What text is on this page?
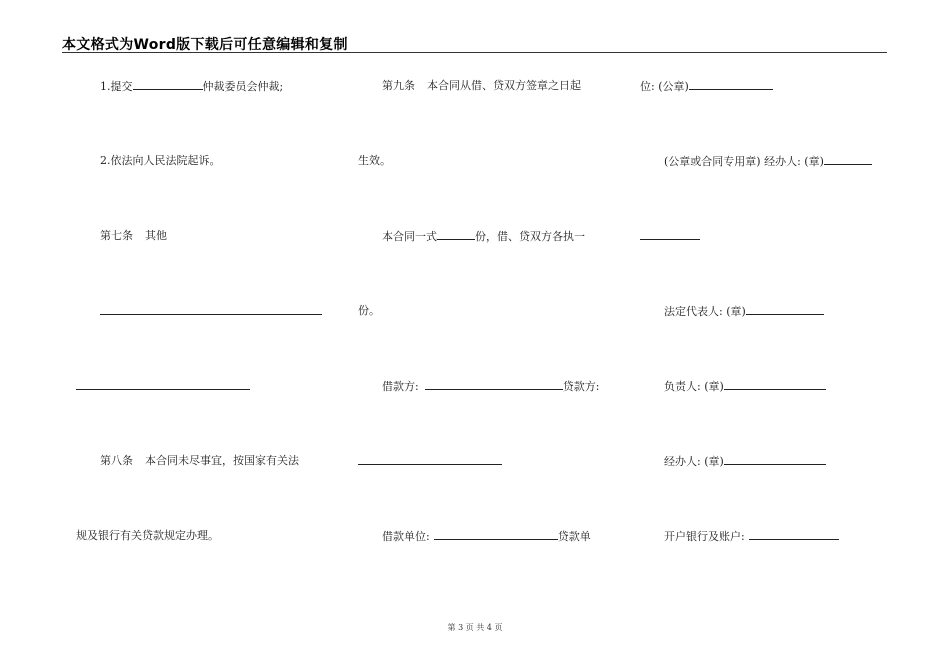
本文格式为Word版下载后可任意编辑和复制
1.提交	仲裁委员会仲裁;
2.依法向人民法院起诉。
第七条 其他
第八条 本合同未尽事宜，按国家有关法
规及银行有关贷款规定办理。
第九条 本合同从借、贷双方签章之日起
生效。
本合同一式	份，借、贷双方各执一
份。
借款方:	贷款方:
借款单位:	贷款单
位: (公章)
(公章或合同专用章) 经办人: (章)
法定代表人: (章)
负责人: (章)
经办人: (章)
开户银行及账户:
第 3 页 共 4 页
